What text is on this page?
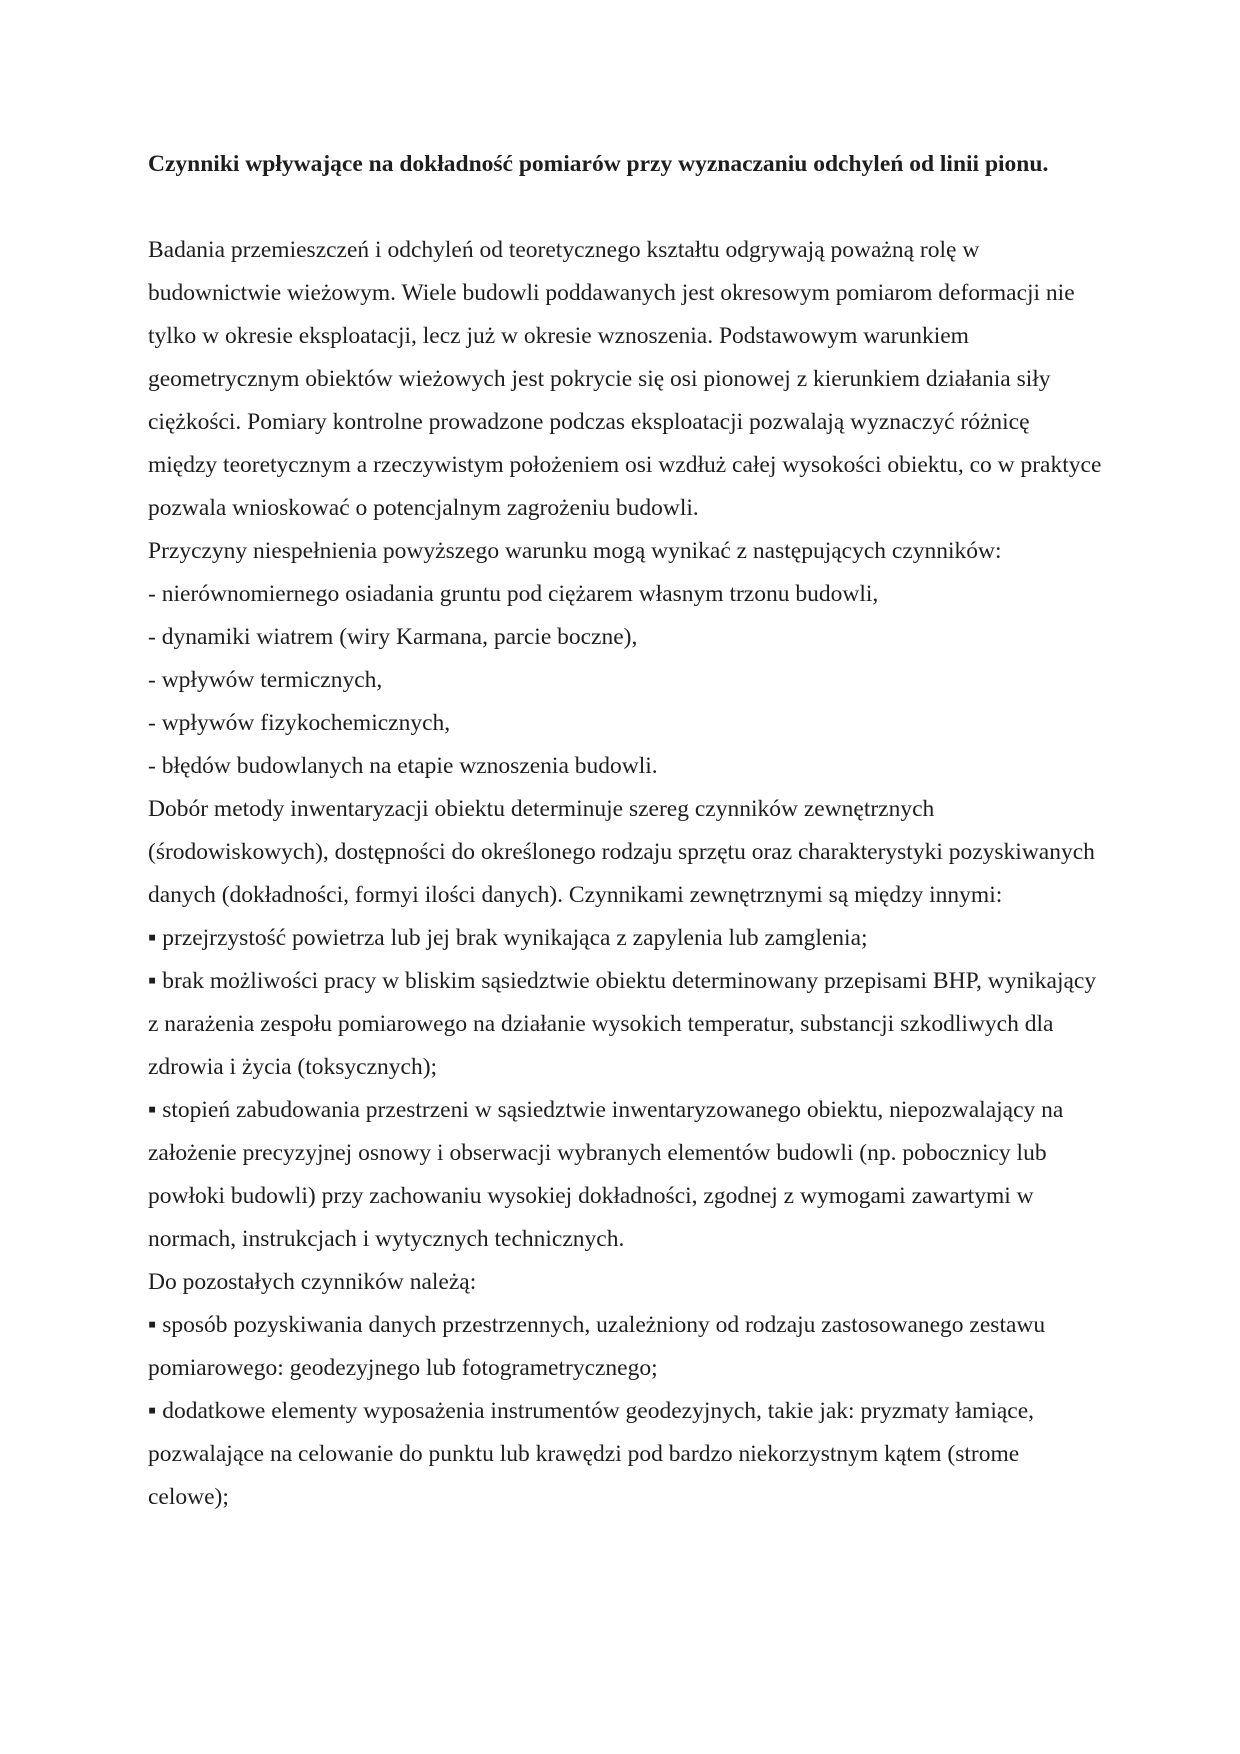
Czynniki wpływające na dokładność pomiarów przy wyznaczaniu odchyleń od linii pionu.

Badania przemieszczeń i odchyleń od teoretycznego kształtu odgrywają poważną rolę w budownictwie wieżowym. Wiele budowli poddawanych jest okresowym pomiarom deformacji nie tylko w okresie eksploatacji, lecz już w okresie wznoszenia. Podstawowym warunkiem geometrycznym obiektów wieżowych jest pokrycie się osi pionowej z kierunkiem działania siły ciężkości. Pomiary kontrolne prowadzone podczas eksploatacji pozwalają wyznaczyć różnicę między teoretycznym a rzeczywistym położeniem osi wzdłuż całej wysokości obiektu, co w praktyce pozwala wnioskować o potencjalnym zagrożeniu budowli.

Przyczyny niespełnienia powyższego warunku mogą wynikać z następujących czynników:

- nierównomiernego osiadania gruntu pod ciężarem własnym trzonu budowli,

- dynamiki wiatrem (wiry Karmana, parcie boczne),

- wpływów termicznych,

- wpływów fizykochemicznych,

- błędów budowlanych na etapie wznoszenia budowli.

Dobór metody inwentaryzacji obiektu determinuje szereg czynników zewnętrznych (środowiskowych), dostępności do określonego rodzaju sprzętu oraz charakterystyki pozyskiwanych danych (dokładności, formyi ilości danych). Czynnikami zewnętrznymi są między innymi:

▪ przejrzystość powietrza lub jej brak wynikająca z zapylenia lub zamglenia;

▪ brak możliwości pracy w bliskim sąsiedztwie obiektu determinowany przepisami BHP, wynikający z narażenia zespołu pomiarowego na działanie wysokich temperatur, substancji szkodliwych dla zdrowia i życia (toksycznych);

▪ stopień zabudowania przestrzeni w sąsiedztwie inwentaryzowanego obiektu, niepozwalający na założenie precyzyjnej osnowy i obserwacji wybranych elementów budowli (np. pobocznicy lub powłoki budowli) przy zachowaniu wysokiej dokładności, zgodnej z wymogami zawartymi w normach, instrukcjach i wytycznych technicznych.

Do pozostałych czynników należą:

▪ sposób pozyskiwania danych przestrzennych, uzależniony od rodzaju zastosowanego zestawu pomiarowego: geodezyjnego lub fotogrametrycznego;

▪ dodatkowe elementy wyposażenia instrumentów geodezyjnych, takie jak: pryzmaty łamiące, pozwalające na celowanie do punktu lub krawędzi pod bardzo niekorzystnym kątem (strome celowe);
